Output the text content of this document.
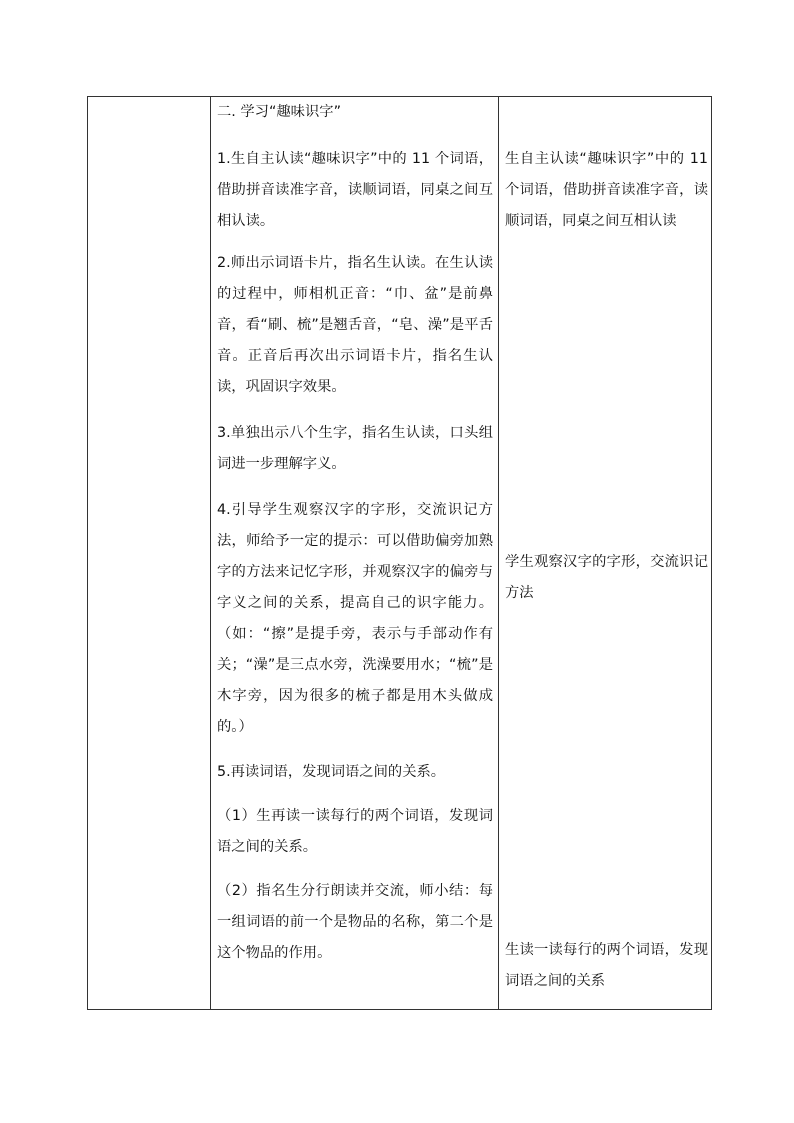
二. 学习“趣味识字”

1.生自主认读“趣味识字”中的 11 个词语，借助拼音读准字音，读顺词语，同桌之间互相认读。

2.师出示词语卡片，指名生认读。在生认读的过程中，师相机正音：“巾、盆”是前鼻音，看“刷、梳”是翘舌音，“皂、澡”是平舌音。正音后再次出示词语卡片，指名生认读，巩固识字效果。

3.单独出示八个生字，指名生认读，口头组词进一步理解字义。

4.引导学生观察汉字的字形，交流识记方法，师给予一定的提示：可以借助偏旁加熟字的方法来记忆字形，并观察汉字的偏旁与字义之间的关系，提高自己的识字能力。（如：“擦”是提手旁，表示与手部动作有关；“澡”是三点水旁，洗澡要用水；“梳”是木字旁，因为很多的梳子都是用木头做成的。）

5.再读词语，发现词语之间的关系。

（1）生再读一读每行的两个词语，发现词语之间的关系。

（2）指名生分行朗读并交流，师小结：每一组词语的前一个是物品的名称，第二个是这个物品的作用。

生自主认读“趣味识字”中的 11 个词语，借助拼音读准字音，读顺词语，同桌之间互相认读

学生观察汉字的字形，交流识记方法

生读一读每行的两个词语，发现词语之间的关系
